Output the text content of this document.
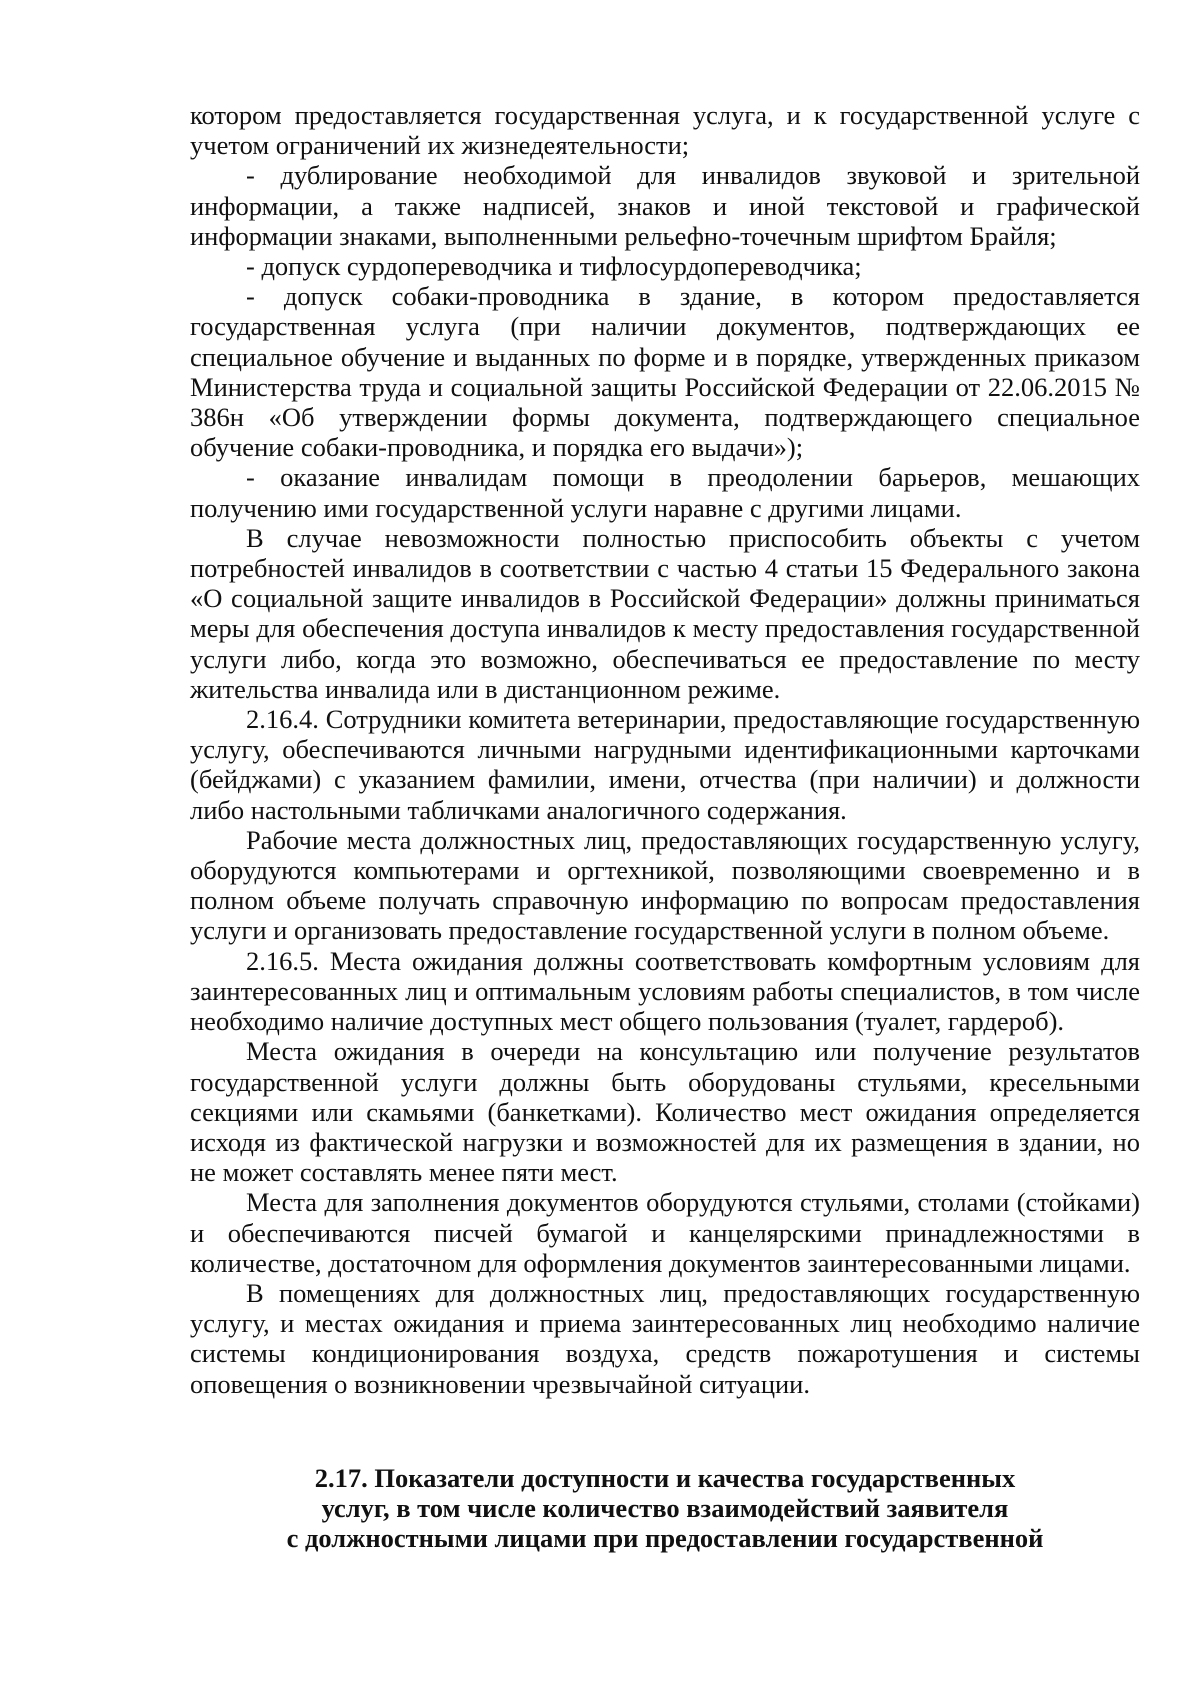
котором предоставляется государственная услуга, и к государственной услуге с учетом ограничений их жизнедеятельности;

- дублирование необходимой для инвалидов звуковой и зрительной информации, а также надписей, знаков и иной текстовой и графической информации знаками, выполненными рельефно-точечным шрифтом Брайля;

- допуск сурдопереводчика и тифлосурдопереводчика;

- допуск собаки-проводника в здание, в котором предоставляется государственная услуга (при наличии документов, подтверждающих ее специальное обучение и выданных по форме и в порядке, утвержденных приказом Министерства труда и социальной защиты Российской Федерации от 22.06.2015 № 386н «Об утверждении формы документа, подтверждающего специальное обучение собаки-проводника, и порядка его выдачи»);

- оказание инвалидам помощи в преодолении барьеров, мешающих получению ими государственной услуги наравне с другими лицами.

В случае невозможности полностью приспособить объекты с учетом потребностей инвалидов в соответствии с частью 4 статьи 15 Федерального закона «О социальной защите инвалидов в Российской Федерации» должны приниматься меры для обеспечения доступа инвалидов к месту предоставления государственной услуги либо, когда это возможно, обеспечиваться ее предоставление по месту жительства инвалида или в дистанционном режиме.

2.16.4. Сотрудники комитета ветеринарии, предоставляющие государственную услугу, обеспечиваются личными нагрудными идентификационными карточками (бейджами) с указанием фамилии, имени, отчества (при наличии) и должности либо настольными табличками аналогичного содержания.

Рабочие места должностных лиц, предоставляющих государственную услугу, оборудуются компьютерами и оргтехникой, позволяющими своевременно и в полном объеме получать справочную информацию по вопросам предоставления услуги и организовать предоставление государственной услуги в полном объеме.

2.16.5. Места ожидания должны соответствовать комфортным условиям для заинтересованных лиц и оптимальным условиям работы специалистов, в том числе необходимо наличие доступных мест общего пользования (туалет, гардероб).

Места ожидания в очереди на консультацию или получение результатов государственной услуги должны быть оборудованы стульями, кресельными секциями или скамьями (банкетками). Количество мест ожидания определяется исходя из фактической нагрузки и возможностей для их размещения в здании, но не может составлять менее пяти мест.

Места для заполнения документов оборудуются стульями, столами (стойками) и обеспечиваются писчей бумагой и канцелярскими принадлежностями в количестве, достаточном для оформления документов заинтересованными лицами.

В помещениях для должностных лиц, предоставляющих государственную услугу, и местах ожидания и приема заинтересованных лиц необходимо наличие системы кондиционирования воздуха, средств пожаротушения и системы оповещения о возникновении чрезвычайной ситуации.

2.17. Показатели доступности и качества государственных
услуг, в том числе количество взаимодействий заявителя
с должностными лицами при предоставлении государственной
